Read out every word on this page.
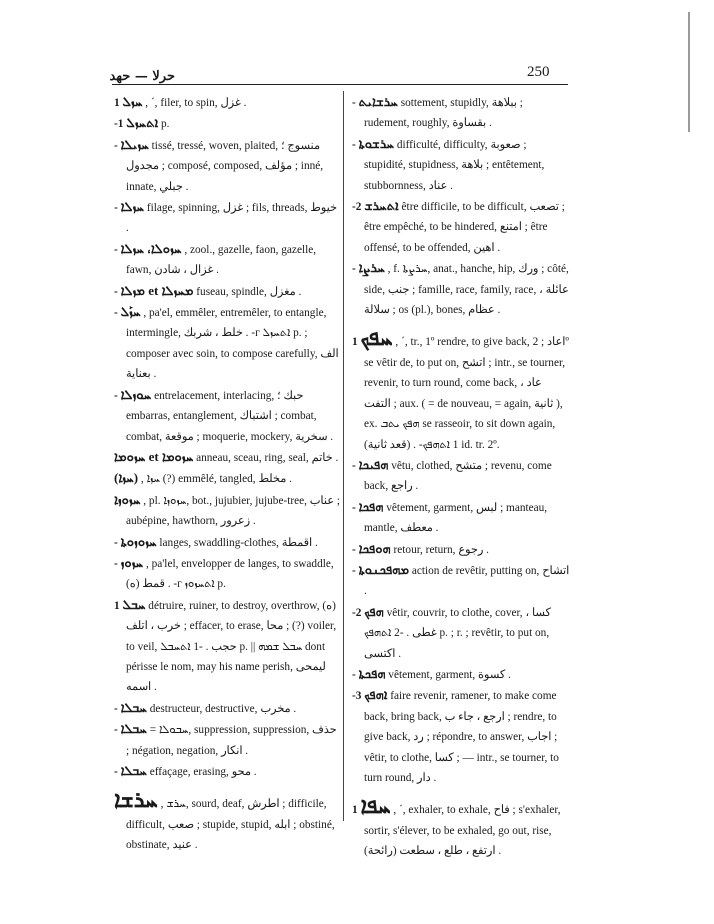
حرلا — حهد	250

1 ܚܙܠ , ˊ, filer, to spin, غزل .

-1 ܐܬܚܙܠ p.

- ܚܙܝܠܐ tissé, tressé, woven, plaited, منسوج ؛ مجدول ; composé, composed, مؤلف ; inné, innate, جبلي .

- ܚܙܠܐ filage, spinning, غزل ; fils, threads, خيوط .

- ܚܙܘܠܐ، ܚܙܠܐ , zool., gazelle, faon, gazelle, fawn, غزال ، شادن .

- ܡܚܙܠܐ et ܡܙܠܐ fuseau, spindle, مغزل .

- ܚܙܰܠ , pa'el, emmêler, entremêler, to entangle, intermingle, خلط ، شربك . -ᴦ ܐܬܚܙܠ p. ; composer avec soin, to compose carefully, الف بعناية .

- ܚܘܙܠܐ entrelacement, interlacing, حبك ؛ embarras, entanglement, اشتباك ; combat, combat, موقعة ; moquerie, mockery, سخرية .

ܚܙܘܡܐ et ܚܙܘܡܐ anneau, sceau, ring, seal, خاتم .

(ܚܙܐ) , ܚܙܐ (?) emmêlé, tangled, مخلط .

ܚܙܘܙܐ , pl. ܚܙܘܙܐ, bot., jujubier, jujube-tree, عناب ; aubépine, hawthorn, زعرور .

- ܚܙܘܙܘܬܐ langes, swaddling-clothes, اقمطة .

- ܚܙܘܙ , pa'lel, envelopper de langes, to swaddle, (ه) قمط . -ᴦ ܐܬܚܙܘܙ p.

1 ܚܒܠ détruire, ruiner, to destroy, overthrow, (ه) خرب ، اتلف ; effacer, to erase, محا ; (?) voiler, to veil, حجب . -1 ܐܬܚܒܠ p. || ܚܒܠ ܫܡܗ dont périsse le nom, may his name perish, ليمحى اسمه .

- ܚܒܠܐ destructeur, destructive, مخرب .

- ܚܒܠܐ = ܚܒܘܠܐ, suppression, suppression, حذف ; négation, negation, انكار .

- ܚܒܠܐ effaçage, erasing, محو .

ܚܪܫܐ , ܚܪܫ, sourd, deaf, اطرش ; difficile, difficult, صعب ; stupide, stupid, ابله ; obstiné, obstinate, عنيد .

- ܚܪܫܐܝܬ sottement, stupidly, ببلاهة ; rudement, roughly, بقساوة .

- ܚܪܫܘܬܐ difficulté, difficulty, صعوبة ; stupidité, stupidness, بلاهة ; entêtement, stubbornness, عناد .

-2 ܐܬܚܪܫ être difficile, to be difficult, تصعب ; être empêché, to be hindered, امتنع ; être offensé, to be offended, اهين .

- ܚܪܨܐ , f. ܚܪܨܬܐ, anat., hanche, hip, ورك ; côté, side, جنب ; famille, race, family, race, عائلة ، سلالة ; os (pl.), bones, عظام .

1 ܚܦܟ , ˊ, tr., 1º rendre, to give back, اعاد ; 2º se vêtir de, to put on, اتشح ; intr., se tourner, revenir, to turn round, come back, عاد ، التفت ; aux. ( = de nouveau, = again, ثانية ), ex. ܗܦܟ ܝܬܒ se rasseoir, to sit down again, (قعد ثانية) . -1 ܐܬܗܦܟ id. tr. 2º.

- ܗܦܝܟܐ vêtu, clothed, متشح ; revenu, come back, راجع .

- ܗܦܟܐ vêtement, garment, لبس ; manteau, mantle, معطف .

- ܗܘܦܟܐ retour, return, رجوع .

- ܡܗܦܟܢܘܬܐ action de revêtir, putting on, اتشاح .

-2 ܗܦܟ vêtir, couvrir, to clothe, cover, كسا ، غطى . -2 ܐܬܗܦܟ p. ; r. ; revêtir, to put on, اكتسى .

- ܗܦܟܬܐ vêtement, garment, كسوة .

-3 ܐܗܦܟ faire revenir, ramener, to make come back, bring back, ارجع ، جاء ب ; rendre, to give back, رد ; répondre, to answer, اجاب ; vêtir, to clothe, كسا ; — intr., se tourner, to turn round, دار .

1 ܚܦܐ , ˊ, exhaler, to exhale, فاح ; s'exhaler, sortir, s'élever, to be exhaled, go out, rise, ارتفع ، طلع ، سطعت (رائحة) .
